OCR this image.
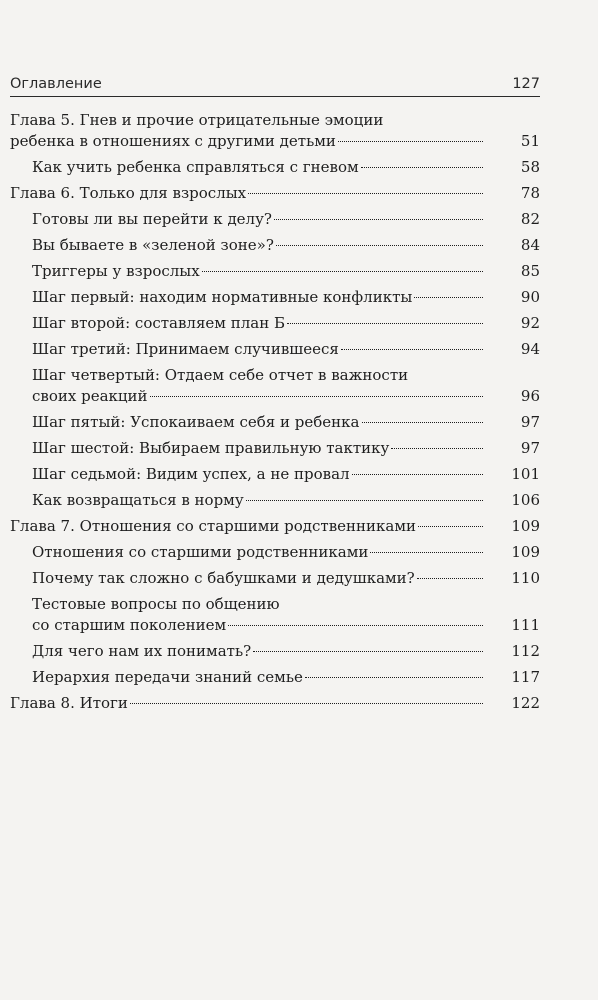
Оглавление	127
Глава 5. Гнев и прочие отрицательные эмоции
ребенка в отношениях с другими детьми	51
Как учить ребенка справляться с гневом	58
Глава 6. Только для взрослых	78
Готовы ли вы перейти к делу?	82
Вы бываете в «зеленой зоне»?	84
Триггеры у взрослых	85
Шаг первый: находим нормативные конфликты	90
Шаг второй: составляем план Б	92
Шаг третий: Принимаем случившееся	94
Шаг четвертый: Отдаем себе отчет в важности
своих реакций	96
Шаг пятый: Успокаиваем себя и ребенка	97
Шаг шестой: Выбираем правильную тактику	97
Шаг седьмой: Видим успех, а не провал	101
Как возвращаться в норму	106
Глава 7. Отношения со старшими родственниками	109
Отношения со старшими родственниками	109
Почему так сложно с бабушками и дедушками?	110
Тестовые вопросы по общению
со старшим поколением	111
Для чего нам их понимать?	112
Иерархия передачи знаний семье	117
Глава 8. Итоги	122
